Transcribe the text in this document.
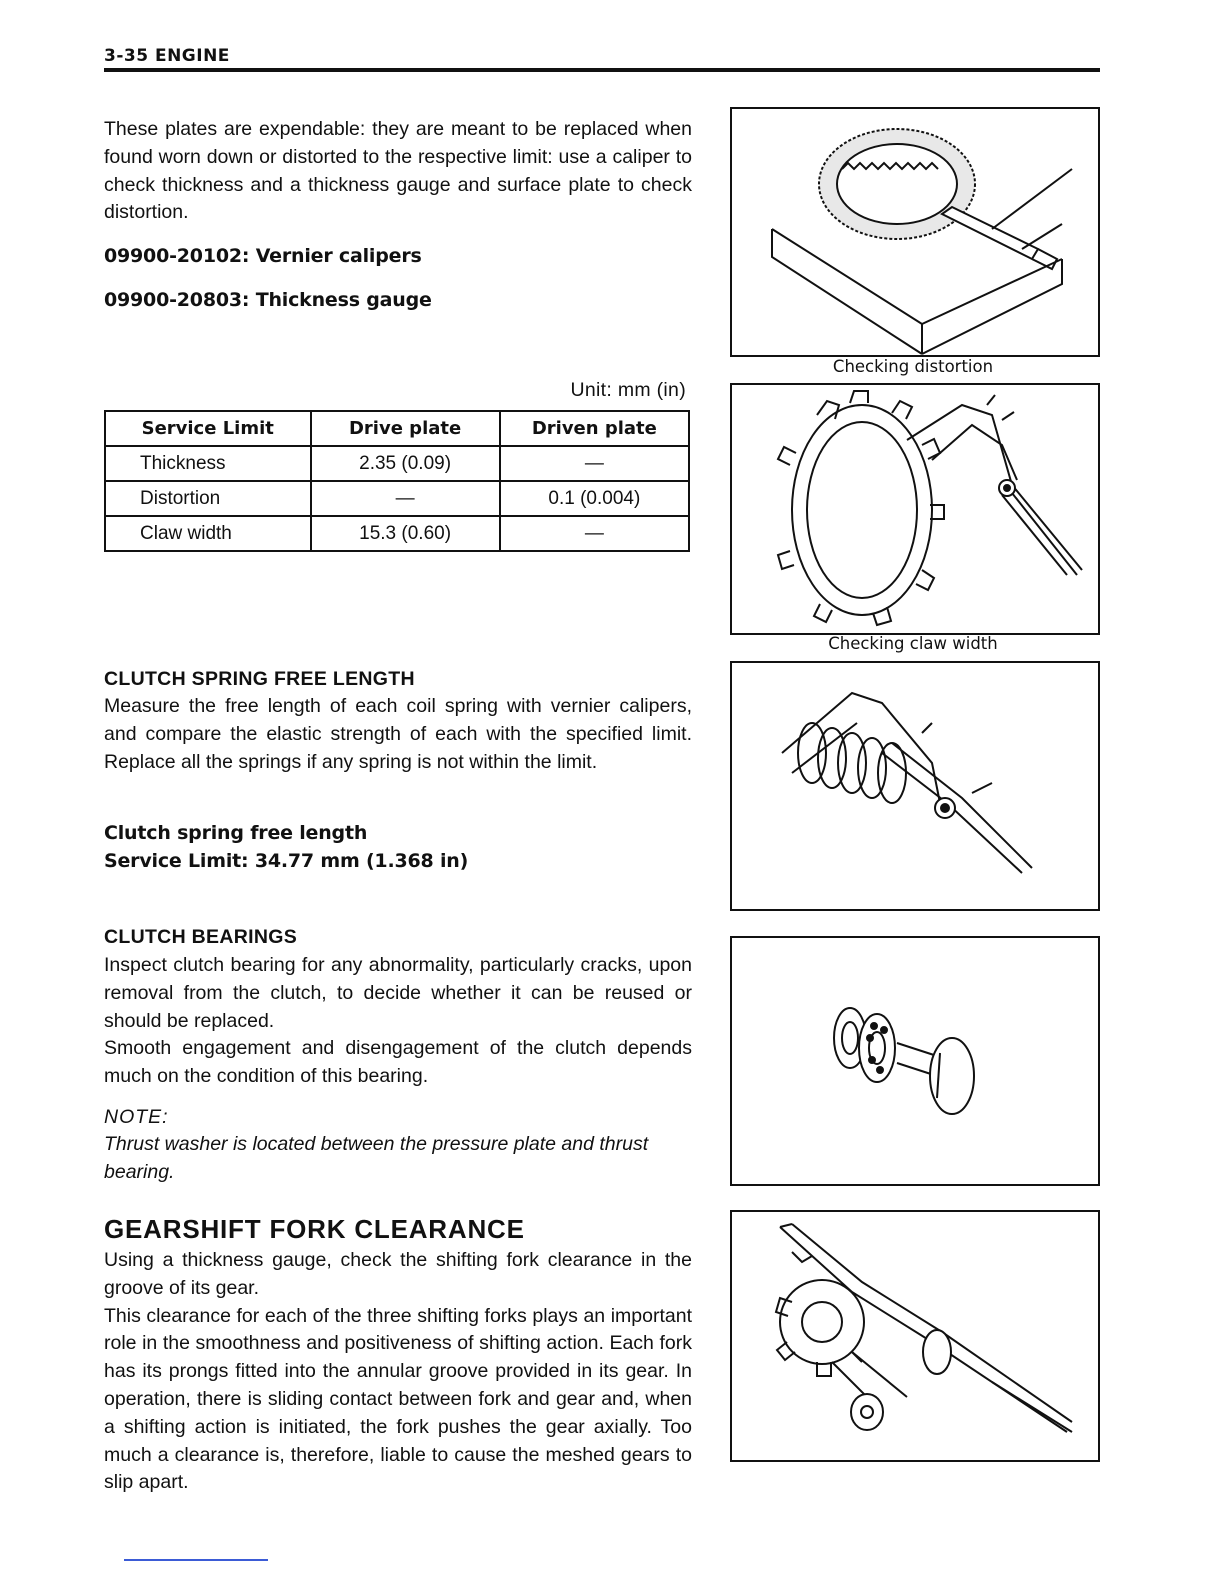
3-35 ENGINE

These plates are expendable: they are meant to be replaced when found worn down or distorted to the respective limit: use a caliper to check thickness and a thickness gauge and surface plate to check distortion.

09900-20102: Vernier calipers
09900-20803: Thickness gauge
Unit: mm (in)
Service Limit	Drive plate	Driven plate
Thickness	2.35 (0.09)	—
Distortion	—	0.1 (0.004)
Claw width	15.3 (0.60)	—
CLUTCH SPRING FREE LENGTH

Measure the free length of each coil spring with vernier calipers, and compare the elastic strength of each with the specified limit. Replace all the springs if any spring is not within the limit.

Clutch spring free length
Service Limit: 34.77 mm (1.368 in)
CLUTCH BEARINGS

Inspect clutch bearing for any abnormality, particularly cracks, upon removal from the clutch, to decide whether it can be reused or should be replaced.

Smooth engagement and disengagement of the clutch depends much on the condition of this bearing.

NOTE:
Thrust washer is located between the pressure plate and thrust bearing.
GEARSHIFT FORK CLEARANCE

Using a thickness gauge, check the shifting fork clearance in the groove of its gear.

This clearance for each of the three shifting forks plays an important role in the smoothness and positiveness of shifting action. Each fork has its prongs fitted into the annular groove provided in its gear. In operation, there is sliding contact between fork and gear and, when a shifting action is initiated, the fork pushes the gear axially. Too much a clearance is, therefore, liable to cause the meshed gears to slip apart.

Checking distortion
Checking claw width
